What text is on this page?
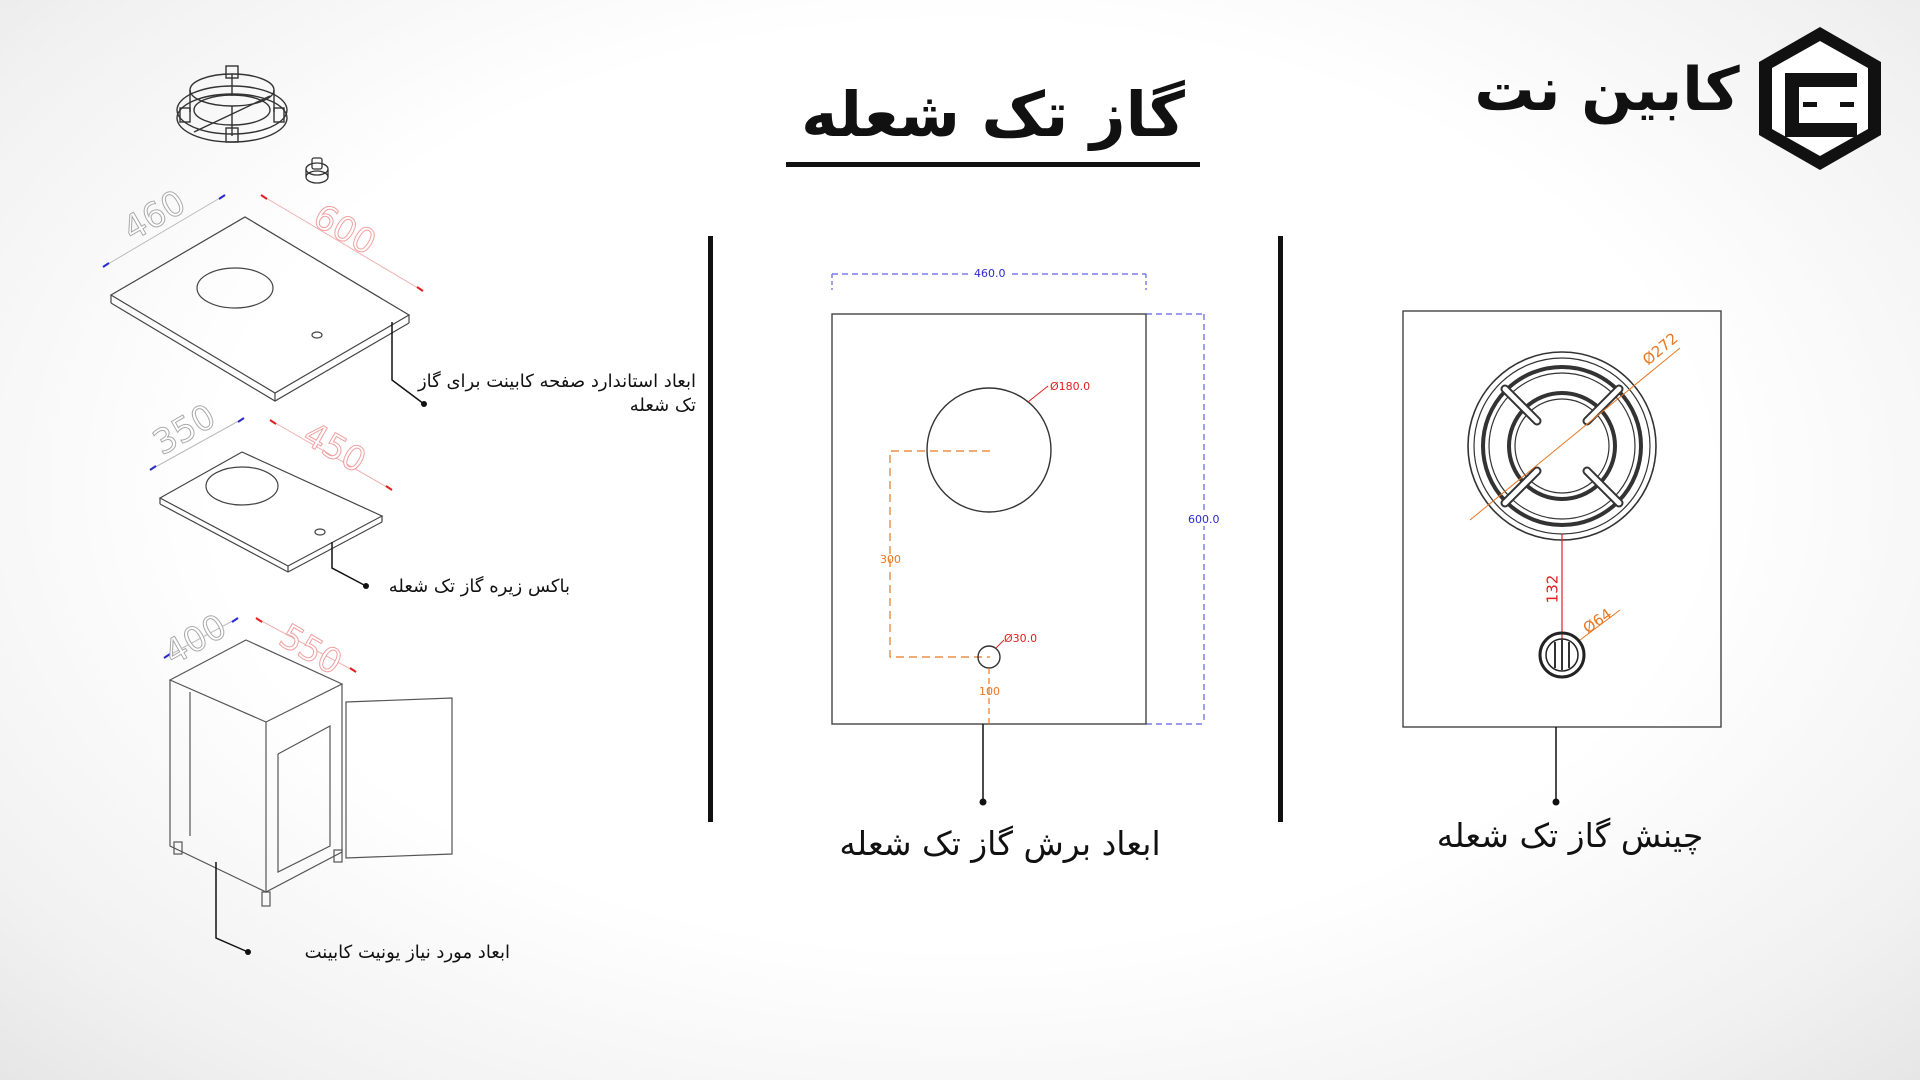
کابین نت
گاز تک شعله
460	600
ابعاد استاندارد صفحه کابینت برای گاز تک شعله
350 450
باکس زیره گاز تک شعله
400 550
ابعاد مورد نیاز یونیت کابینت
460.0
600.0
Ø180.0
Ø30.0
300
100
ابعاد برش گاز تک شعله
Ø272
132
Ø64
چینش گاز تک شعله
